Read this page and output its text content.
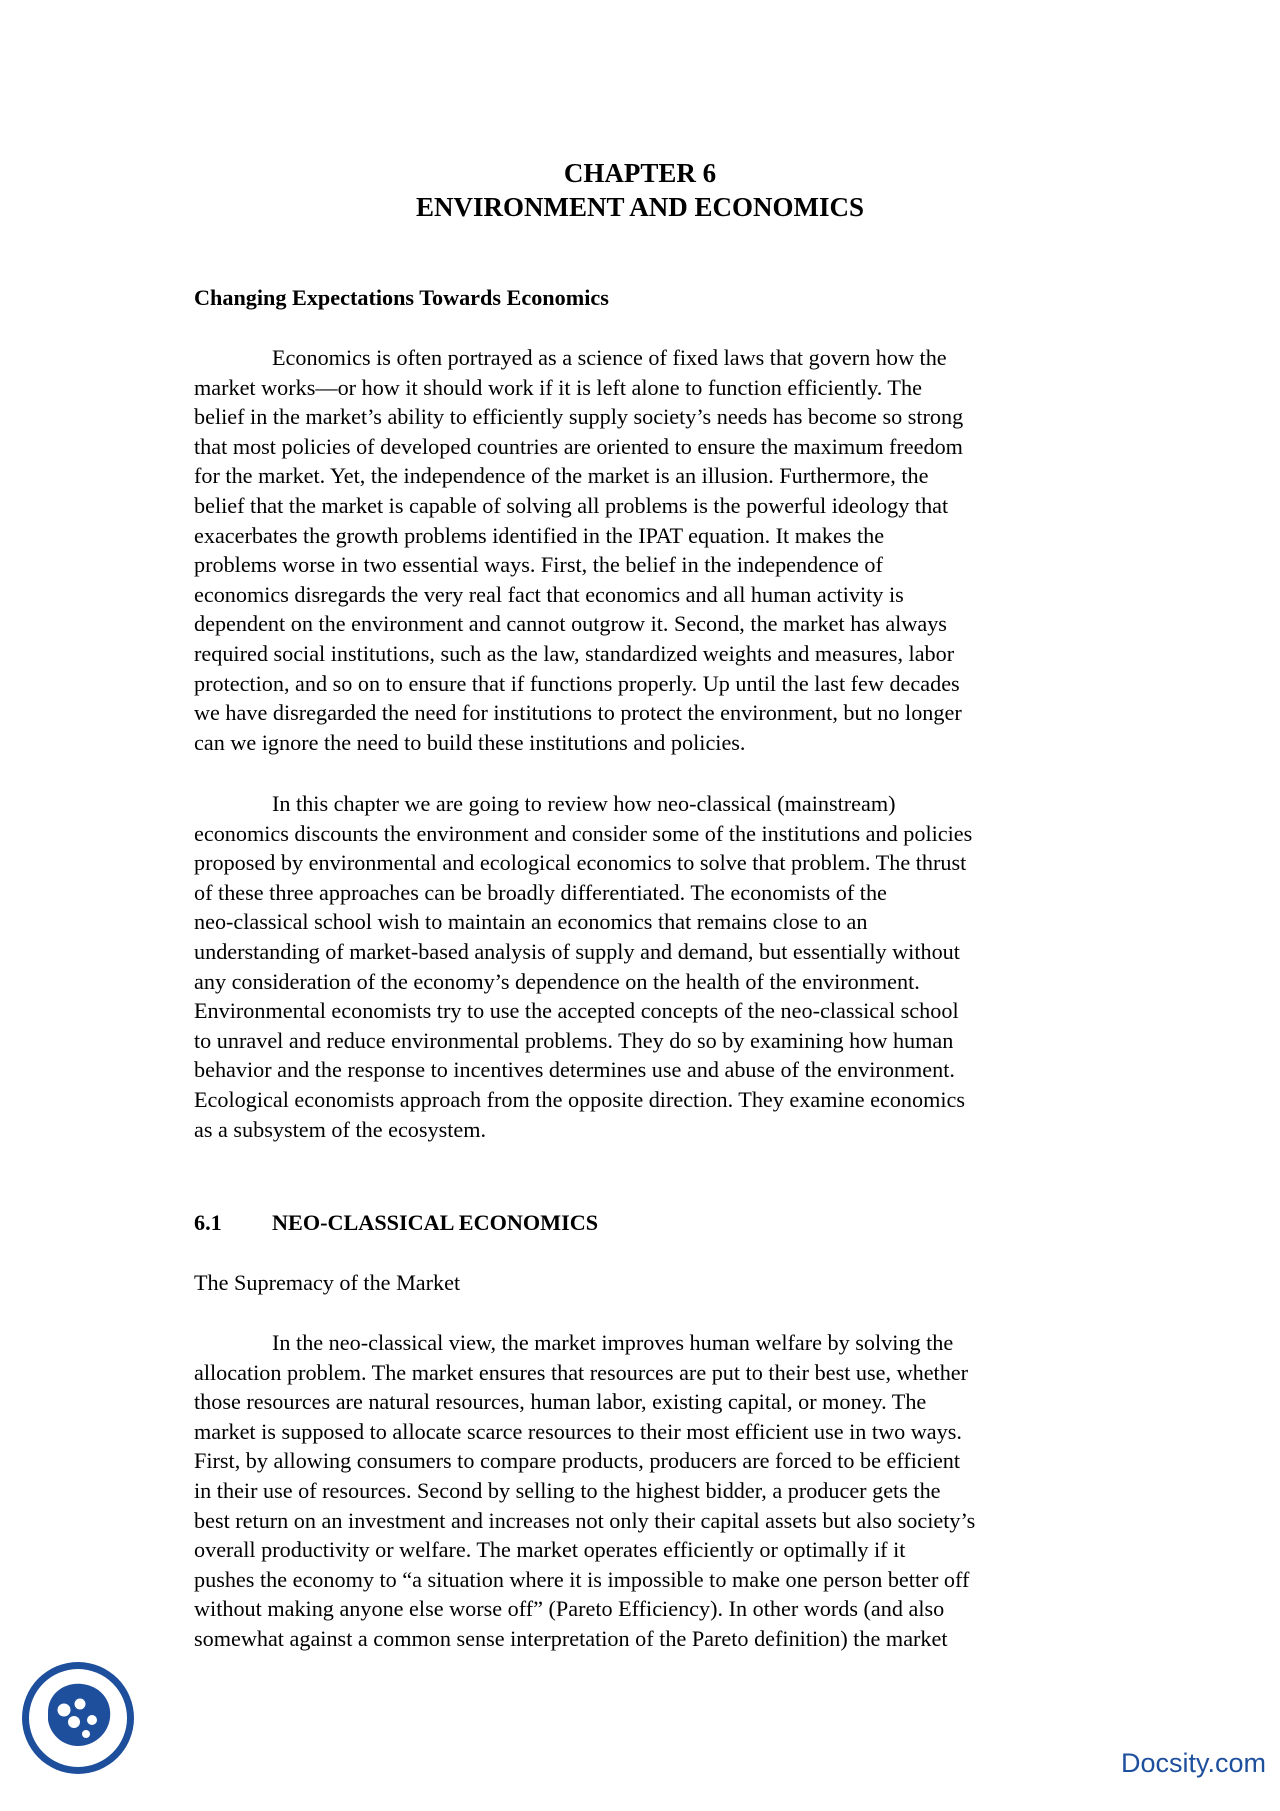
CHAPTER 6
ENVIRONMENT AND ECONOMICS
Changing Expectations Towards Economics
Economics is often portrayed as a science of fixed laws that govern how the
market works—or how it should work if it is left alone to function efficiently. The
belief in the market’s ability to efficiently supply society’s needs has become so strong
that most policies of developed countries are oriented to ensure the maximum freedom
for the market. Yet, the independence of the market is an illusion. Furthermore, the
belief that the market is capable of solving all problems is the powerful ideology that
exacerbates the growth problems identified in the IPAT equation. It makes the
problems worse in two essential ways. First, the belief in the independence of
economics disregards the very real fact that economics and all human activity is
dependent on the environment and cannot outgrow it. Second, the market has always
required social institutions, such as the law, standardized weights and measures, labor
protection, and so on to ensure that if functions properly. Up until the last few decades
we have disregarded the need for institutions to protect the environment, but no longer
can we ignore the need to build these institutions and policies.
In this chapter we are going to review how neo-classical (mainstream)
economics discounts the environment and consider some of the institutions and policies
proposed by environmental and ecological economics to solve that problem. The thrust
of these three approaches can be broadly differentiated. The economists of the
neo-classical school wish to maintain an economics that remains close to an
understanding of market-based analysis of supply and demand, but essentially without
any consideration of the economy’s dependence on the health of the environment.
Environmental economists try to use the accepted concepts of the neo-classical school
to unravel and reduce environmental problems. They do so by examining how human
behavior and the response to incentives determines use and abuse of the environment.
Ecological economists approach from the opposite direction. They examine economics
as a subsystem of the ecosystem.
6.1 NEO-CLASSICAL ECONOMICS
The Supremacy of the Market
In the neo-classical view, the market improves human welfare by solving the
allocation problem. The market ensures that resources are put to their best use, whether
those resources are natural resources, human labor, existing capital, or money. The
market is supposed to allocate scarce resources to their most efficient use in two ways.
First, by allowing consumers to compare products, producers are forced to be efficient
in their use of resources. Second by selling to the highest bidder, a producer gets the
best return on an investment and increases not only their capital assets but also society’s
overall productivity or welfare. The market operates efficiently or optimally if it
pushes the economy to “a situation where it is impossible to make one person better off
without making anyone else worse off” (Pareto Efficiency). In other words (and also
somewhat against a common sense interpretation of the Pareto definition) the market
Docsity.com
